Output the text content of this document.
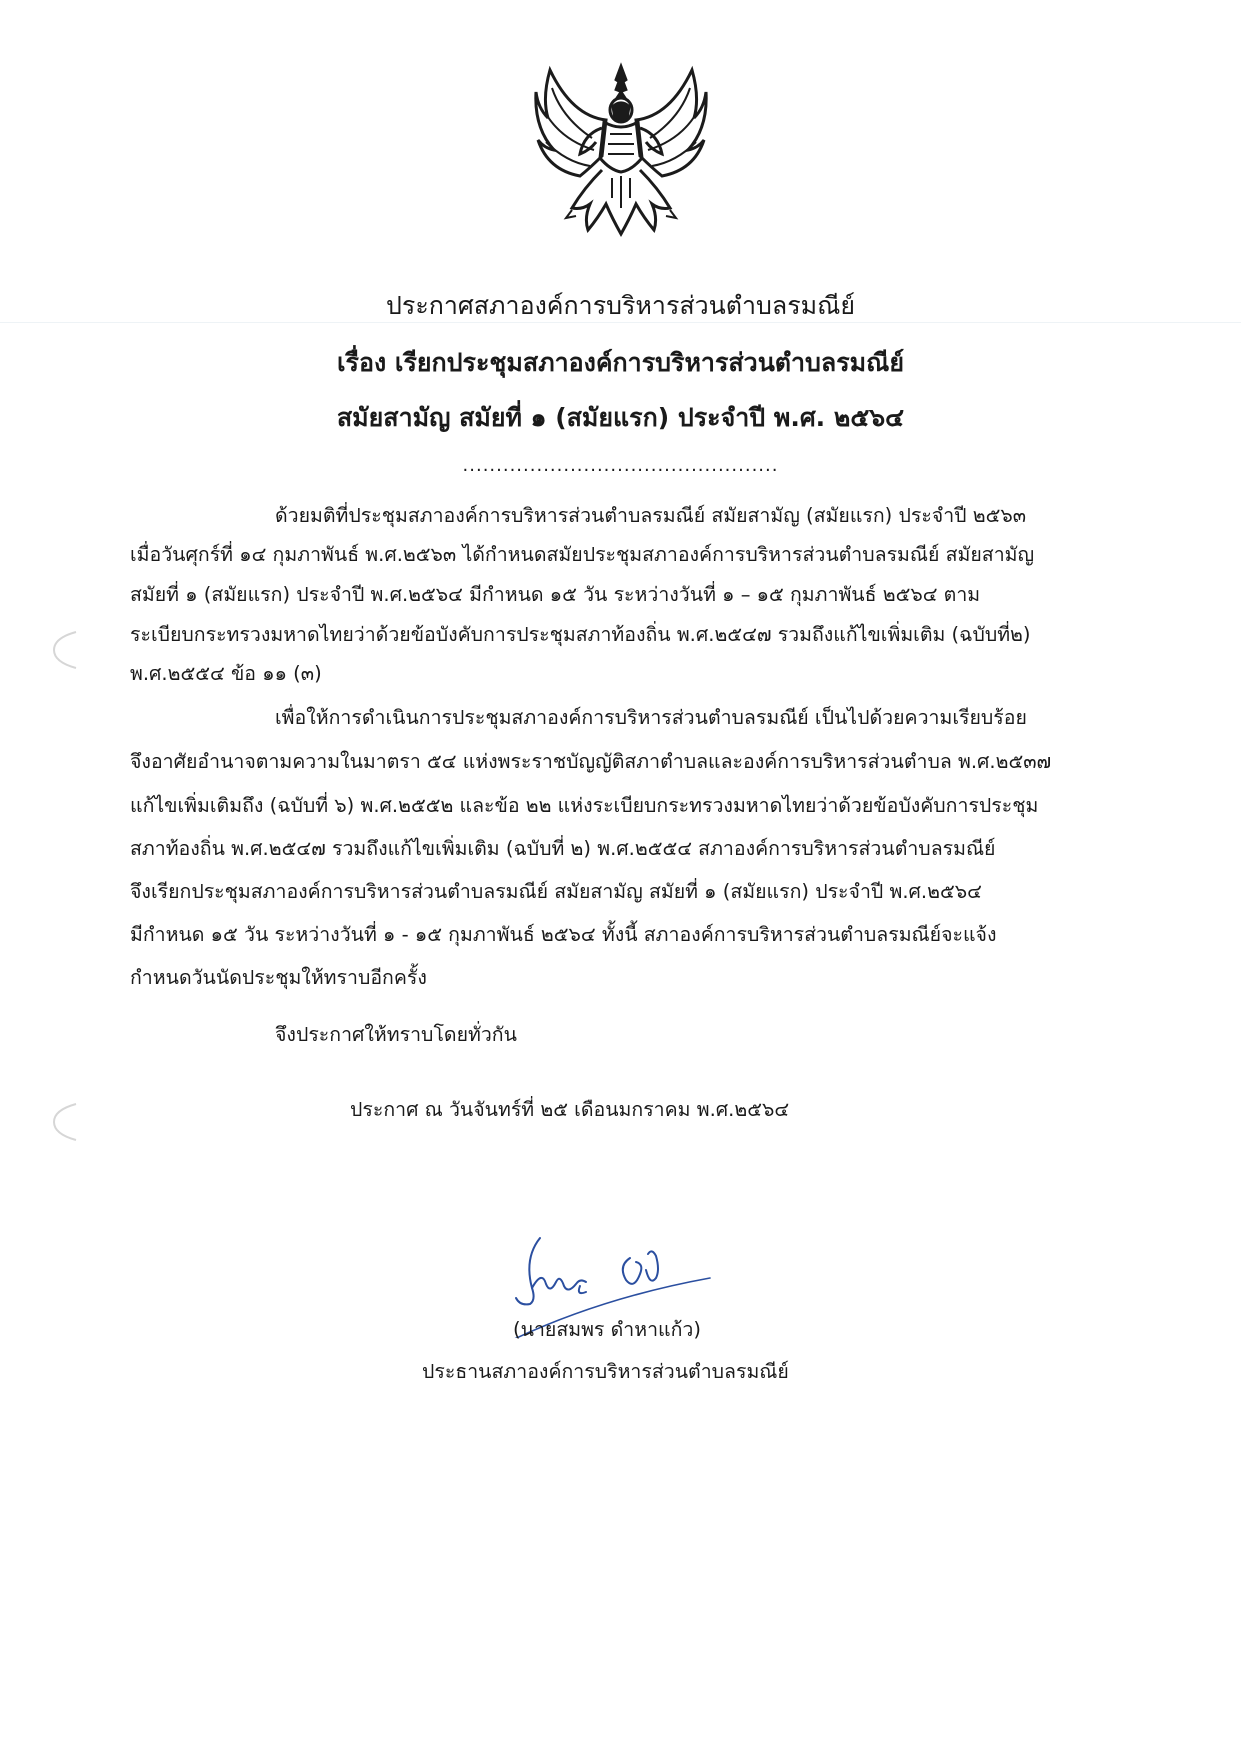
ประกาศสภาองค์การบริหารส่วนตำบลรมณีย์
เรื่อง เรียกประชุมสภาองค์การบริหารส่วนตำบลรมณีย์
สมัยสามัญ สมัยที่ ๑ (สมัยแรก) ประจำปี พ.ศ. ๒๕๖๔
...............................................
ด้วยมติที่ประชุมสภาองค์การบริหารส่วนตำบลรมณีย์ สมัยสามัญ (สมัยแรก) ประจำปี ๒๕๖๓
เมื่อวันศุกร์ที่ ๑๔ กุมภาพันธ์ พ.ศ.๒๕๖๓ ได้กำหนดสมัยประชุมสภาองค์การบริหารส่วนตำบลรมณีย์ สมัยสามัญ
สมัยที่ ๑ (สมัยแรก) ประจำปี พ.ศ.๒๕๖๔ มีกำหนด ๑๕ วัน ระหว่างวันที่ ๑ – ๑๕ กุมภาพันธ์ ๒๕๖๔ ตาม
ระเบียบกระทรวงมหาดไทยว่าด้วยข้อบังคับการประชุมสภาท้องถิ่น พ.ศ.๒๕๔๗ รวมถึงแก้ไขเพิ่มเติม (ฉบับที่๒)
พ.ศ.๒๕๕๔ ข้อ ๑๑ (๓)
เพื่อให้การดำเนินการประชุมสภาองค์การบริหารส่วนตำบลรมณีย์ เป็นไปด้วยความเรียบร้อย
จึงอาศัยอำนาจตามความในมาตรา ๕๔ แห่งพระราชบัญญัติสภาตำบลและองค์การบริหารส่วนตำบล พ.ศ.๒๕๓๗
แก้ไขเพิ่มเติมถึง (ฉบับที่ ๖) พ.ศ.๒๕๕๒ และข้อ ๒๒ แห่งระเบียบกระทรวงมหาดไทยว่าด้วยข้อบังคับการประชุม
สภาท้องถิ่น พ.ศ.๒๕๔๗ รวมถึงแก้ไขเพิ่มเติม (ฉบับที่ ๒) พ.ศ.๒๕๕๔ สภาองค์การบริหารส่วนตำบลรมณีย์
จึงเรียกประชุมสภาองค์การบริหารส่วนตำบลรมณีย์ สมัยสามัญ สมัยที่ ๑ (สมัยแรก) ประจำปี พ.ศ.๒๕๖๔
มีกำหนด ๑๕ วัน ระหว่างวันที่ ๑ - ๑๕ กุมภาพันธ์ ๒๕๖๔ ทั้งนี้ สภาองค์การบริหารส่วนตำบลรมณีย์จะแจ้ง
กำหนดวันนัดประชุมให้ทราบอีกครั้ง
จึงประกาศให้ทราบโดยทั่วกัน
ประกาศ ณ วันจันทร์ที่ ๒๕ เดือนมกราคม พ.ศ.๒๕๖๔
(นายสมพร ดำหาแก้ว)
ประธานสภาองค์การบริหารส่วนตำบลรมณีย์
